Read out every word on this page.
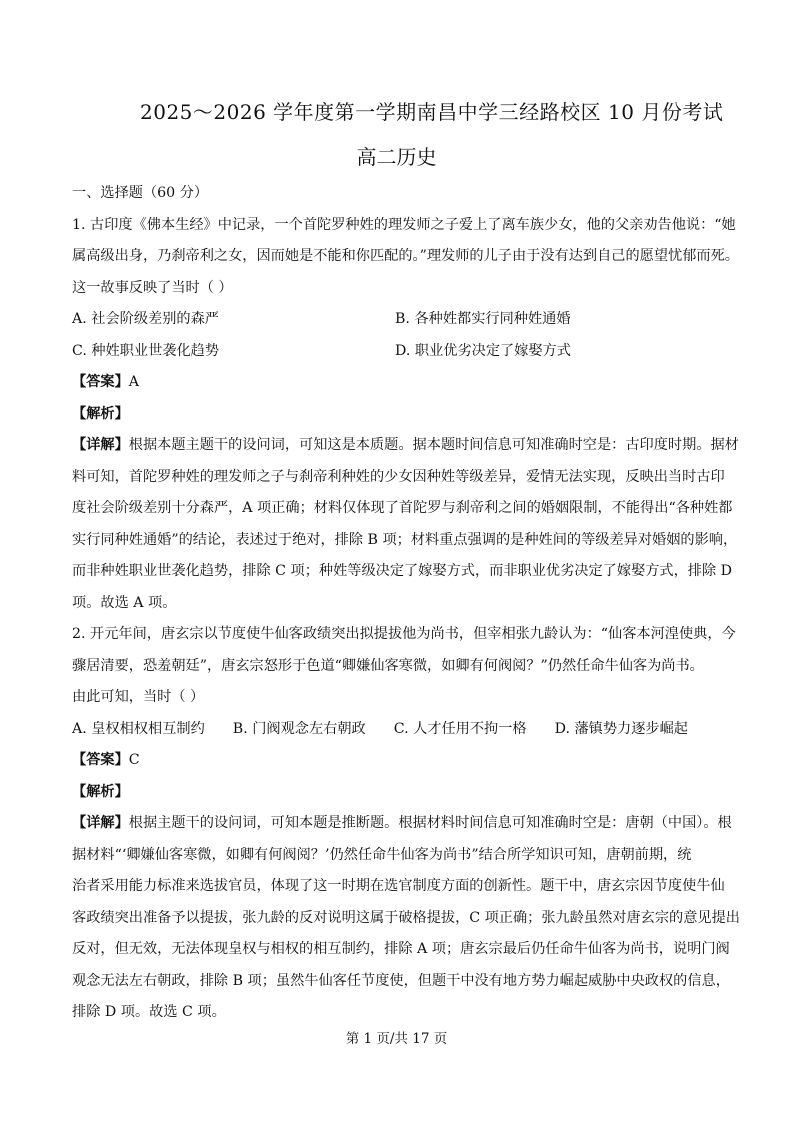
2025～2026 学年度第一学期南昌中学三经路校区 10 月份考试
高二历史
一、选择题（60 分）
1. 古印度《佛本生经》中记录，一个首陀罗种姓的理发师之子爱上了离车族少女，他的父亲劝告他说：“她
属高级出身，乃刹帝利之女，因而她是不能和你匹配的。”理发师的儿子由于没有达到自己的愿望忧郁而死。
这一故事反映了当时（ ）
A. 社会阶级差别的森严	B. 各种姓都实行同种姓通婚
C. 种姓职业世袭化趋势	D. 职业优劣决定了嫁娶方式
【答案】A
【解析】
【详解】根据本题主题干的设问词，可知这是本质题。据本题时间信息可知准确时空是：古印度时期。据材
料可知，首陀罗种姓的理发师之子与刹帝利种姓的少女因种姓等级差异，爱情无法实现，反映出当时古印
度社会阶级差别十分森严，A 项正确；材料仅体现了首陀罗与刹帝利之间的婚姻限制，不能得出“各种姓都
实行同种姓通婚”的结论，表述过于绝对，排除 B 项；材料重点强调的是种姓间的等级差异对婚姻的影响，
而非种姓职业世袭化趋势，排除 C 项；种姓等级决定了嫁娶方式，而非职业优劣决定了嫁娶方式，排除 D
项。故选 A 项。
2. 开元年间，唐玄宗以节度使牛仙客政绩突出拟提拔他为尚书，但宰相张九龄认为：“仙客本河湟使典，今
骤居清要，恐羞朝廷”，唐玄宗怒形于色道“卿嫌仙客寒微，如卿有何阀阅？”仍然任命牛仙客为尚书。
由此可知，当时（ ）
A. 皇权相权相互制约 B. 门阀观念左右朝政 C. 人才任用不拘一格 D. 藩镇势力逐步崛起
【答案】C
【解析】
【详解】根据主题干的设问词，可知本题是推断题。根据材料时间信息可知准确时空是：唐朝（中国）。根
据材料“‘卿嫌仙客寒微，如卿有何阀阅？’仍然任命牛仙客为尚书”结合所学知识可知，唐朝前期，统
治者采用能力标准来选拔官员，体现了这一时期在选官制度方面的创新性。题干中，唐玄宗因节度使牛仙
客政绩突出准备予以提拔，张九龄的反对说明这属于破格提拔，C 项正确；张九龄虽然对唐玄宗的意见提出
反对，但无效，无法体现皇权与相权的相互制约，排除 A 项；唐玄宗最后仍任命牛仙客为尚书，说明门阀
观念无法左右朝政，排除 B 项；虽然牛仙客任节度使，但题干中没有地方势力崛起威胁中央政权的信息，
排除 D 项。故选 C 项。
第 1 页/共 17 页
